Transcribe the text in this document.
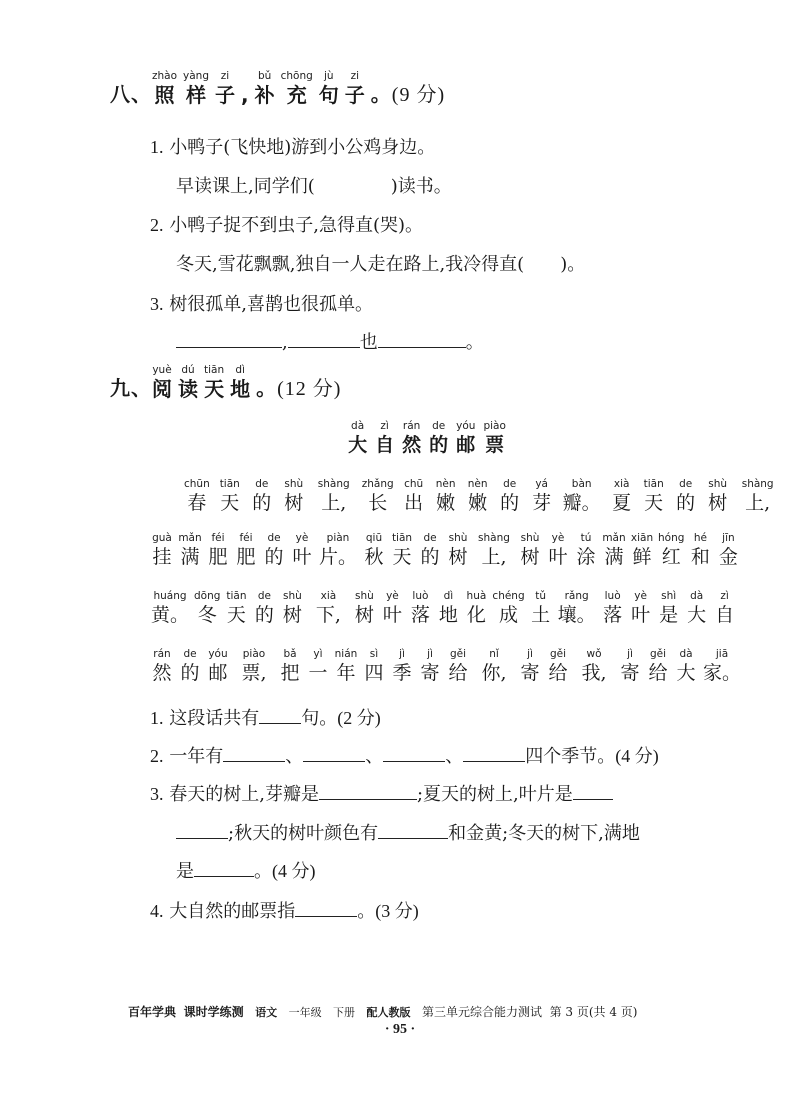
八、
zhào
照
yàng
样
zi
子 ,
bǔ
补
chōng
充
jù
句
zi
子 。 (9 分)
1. 小鸭子(飞快地)游到小公鸡身边。
早读课上,同学们(	)读书。
2. 小鸭子捉不到虫子,急得直(哭)。
冬天,雪花飘飘,独自一人走在路上,我冷得直( )。
3. 树很孤单,喜鹊也很孤单。
,	也	。
九、
yuè
阅
dú
读
tiān
天
dì
地 。 (12 分)
dà
大
zì
自
rán
然
de
的
yóu
邮
piào
票
chūn
春
tiān
天
de
的
shù
树
shàng
上,
zhǎng
长
chū
出
nèn
嫩
nèn
嫩
de
的
yá
芽
bàn
瓣。
xià
夏
tiān
天
de
的
shù
树
shàng
上,
guà
挂
mǎn
满
féi
肥
féi
肥
de
的
yè
叶
piàn
片。
qiū
秋
tiān
天
de
的
shù
树
shàng
上,
shù
树
yè
叶
tú
涂
mǎn
满
xiān
鲜
hóng
红
hé
和
jīn
金
huáng
黄。
dōng
冬
tiān
天
de
的
shù
树
xià
下,
shù
树
yè
叶
luò
落
dì
地
huà
化
chéng
成
tǔ
土
rǎng
壤。
luò
落
yè
叶
shì
是
dà
大
zì
自
rán
然
de
的
yóu
邮
piào
票,
bǎ
把
yì
一
nián
年
sì
四
jì
季
jì
寄
gěi
给
nǐ
你,
jì
寄
gěi
给
wǒ
我,
jì
寄
gěi
给
dà
大
jiā
家。
1. 这段话共有 句。(2 分)
2. 一年有	、	、	、	四个季节。(4 分)
3. 春天的树上,芽瓣是	;夏天的树上,叶片是
;秋天的树叶颜色有	和金黄;冬天的树下,满地
是	。(4 分)
4. 大自然的邮票指	。(3 分)
百年学典 课时学练测 语文 一年级 下册 配人教版 第三单元综合能力测试 第 3 页(共 4 页)
· 95 ·
